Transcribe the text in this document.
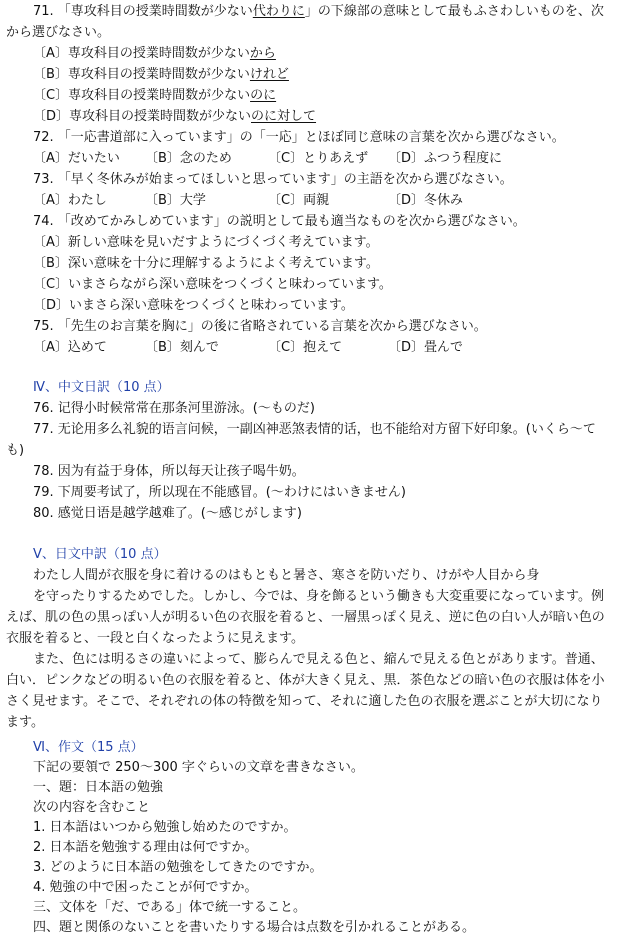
71. 「専攻科目の授業時間数が少ない代わりに」の下線部の意味として最もふさわしいものを、次
から選びなさい。
〔A〕専攻科目の授業時間数が少ないから
〔B〕専攻科目の授業時間数が少ないけれど
〔C〕専攻科目の授業時間数が少ないのに
〔D〕専攻科目の授業時間数が少ないのに対して
72. 「一応書道部に入っています」の「一応」とほぼ同じ意味の言葉を次から選びなさい。
〔A〕だいたい 〔B〕念のため	〔C〕とりあえず 〔D〕ふつう程度に
73. 「早く冬休みが始まってほしいと思っています」の主語を次から選びなさい。
〔A〕わたし	〔B〕大学	〔C〕両親	〔D〕冬休み
74. 「改めてかみしめています」の説明として最も適当なものを次から選びなさい。
〔A〕新しい意味を見いだすようにづくづく考えています。
〔B〕深い意味を十分に理解するようによく考えています。
〔C〕いまさらながら深い意味をつくづくと味わっています。
〔D〕いまさら深い意味をつくづくと味わっています。
75. 「先生のお言葉を胸に」の後に省略されている言葉を次から選びなさい。
〔A〕込めて	〔B〕刻んで	〔C〕抱えて	〔D〕畳んで
Ⅳ、中文日訳（10 点）
76. 记得小时候常常在那条河里游泳。(～ものだ)
77. 无论用多么礼貌的语言问候，一副凶神恶煞表情的话，也不能给对方留下好印象。(いくら～て
も)
78. 因为有益于身体，所以每天让孩子喝牛奶。
79. 下周要考试了，所以现在不能感冒。(～わけにはいきません)
80. 感觉日语是越学越难了。(～感じがします)
Ⅴ、日文中訳（10 点）
わたし人間が衣服を身に着けるのはもともと暑さ、寒さを防いだり、けがや人目から身
を守ったりするためでした。しかし、今では、身を飾るという働きも大変重要になっています。例
えば、肌の色の黒っぽい人が明るい色の衣服を着ると、一層黒っぽく見え、逆に色の白い人が暗い色の
衣服を着ると、一段と白くなったように見えます。
また、色には明るさの違いによって、膨らんで見える色と、縮んで見える色とがあります。普通、
白い．ピンクなどの明るい色の衣服を着ると、体が大きく見え、黒．茶色などの暗い色の衣服は体を小
さく見せます。そこで、それぞれの体の特徴を知って、それに適した色の衣服を選ぶことが大切になり
ます。
Ⅵ、作文（15 点）
下記の要領で 250～300 字ぐらいの文章を書きなさい。
一、題：日本語の勉強
次の内容を含むこと
1. 日本語はいつから勉強し始めたのですか。
2. 日本語を勉強する理由は何ですか。
3. どのように日本語の勉強をしてきたのですか。
4. 勉強の中で困ったことが何ですか。
三、文体を「だ、である」体で統一すること。
四、題と関係のないことを書いたりする場合は点数を引かれることがある。
